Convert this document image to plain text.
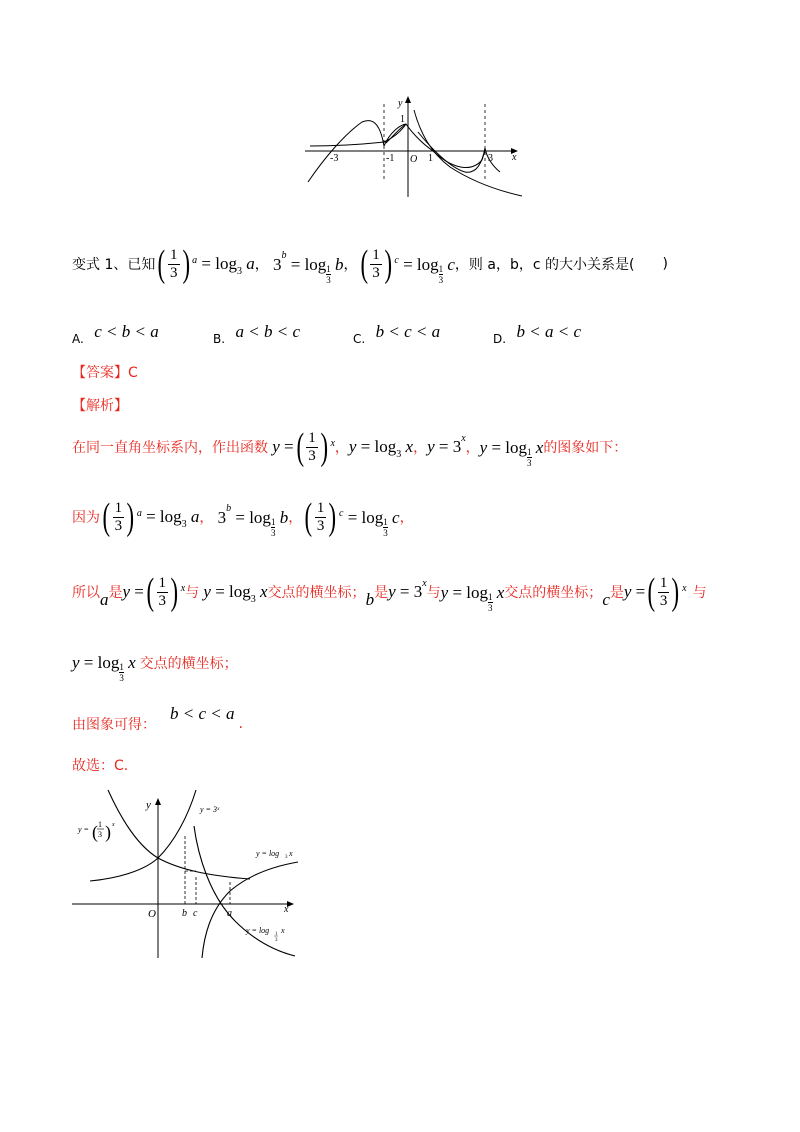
y
x
O
1
-3	-1	1	3
变式 1、已知 ( $\frac{1}{3}$ ) a = log3 a ， $3^b = \log \frac{1}{3}$ b ， ( $\frac{1}{3}$ ) $c = \log \frac{1}{3}$ c ，则 a，b，c 的大小关系是( )
A. c < b < a	B. a < b < c	C. b < c < a	D. b < a < c
【答案】C
【解析】
在同一直角坐标系内，作出函数 y = ( $\frac{1}{3}$ ) x ， y = log3 x ， $y = 3^x$
， $y = \log \frac{1}{3}$ x 的图象如下：
因为 ( $\frac{1}{3}$ ) a = log3 a ， $3^b = \log \frac{1}{3}$ b ， ( $\frac{1}{3}$ ) $c = \log \frac{1}{3}$ c ，
所以 a 是 y = ( $\frac{1}{3}$ ) x 与 y = log3 x 交点的横坐标； b 是 $y = 3^x$
与 $y = \log \frac{1}{3}$ x 交点的横坐标； c 是 y = ( $\frac{1}{3}$ ) x 与
$y = \log \frac{1}{3}$ x 交点的横坐标；
由图象可得：
b < c < a
.
故选：C.
y
x
O	b c	a
y = 3ˣ
y = ( 1
3 ) x
y = log 3 x
y = log 1
3
x
